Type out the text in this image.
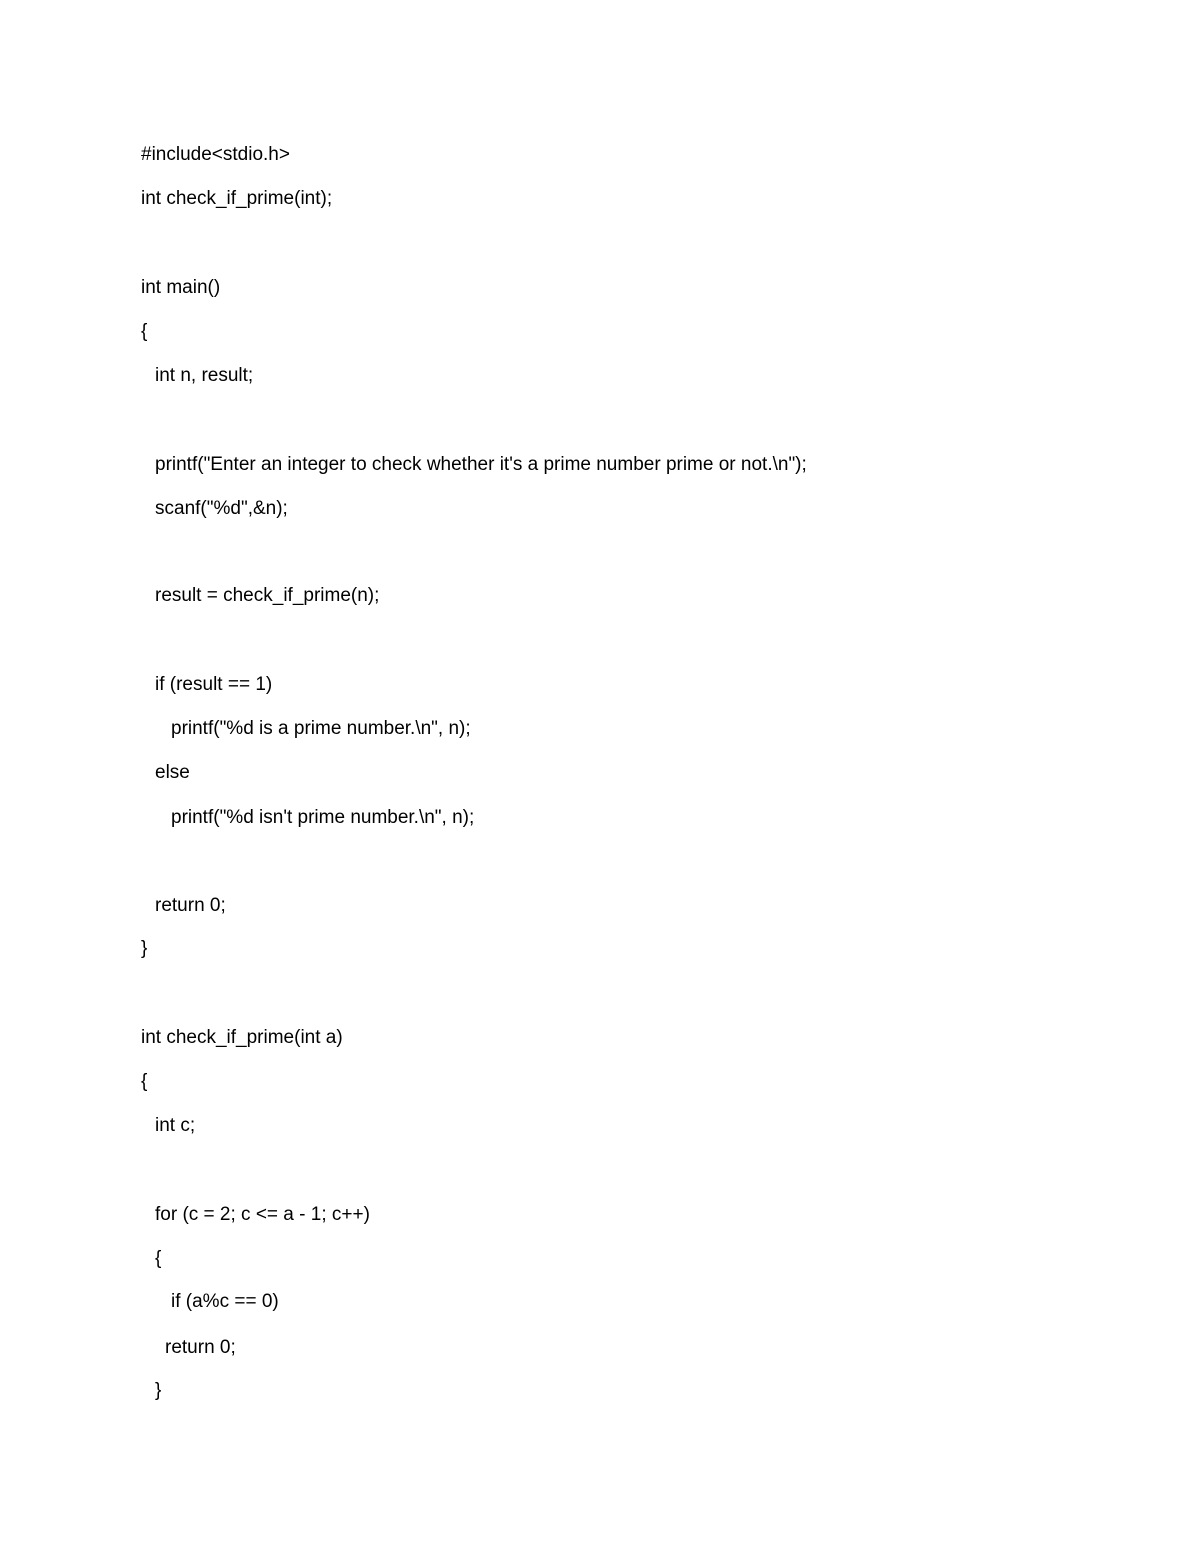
#include<stdio.h>

int check_if_prime(int);

int main()

{

int n, result;

printf("Enter an integer to check whether it's a prime number prime or not.\n");

scanf("%d",&n);

result = check_if_prime(n);

if (result == 1)

printf("%d is a prime number.\n", n);

else

printf("%d isn't prime number.\n", n);

return 0;

}

int check_if_prime(int a)

{

int c;

for (c = 2; c <= a - 1; c++)

{

if (a%c == 0)

return 0;

}
